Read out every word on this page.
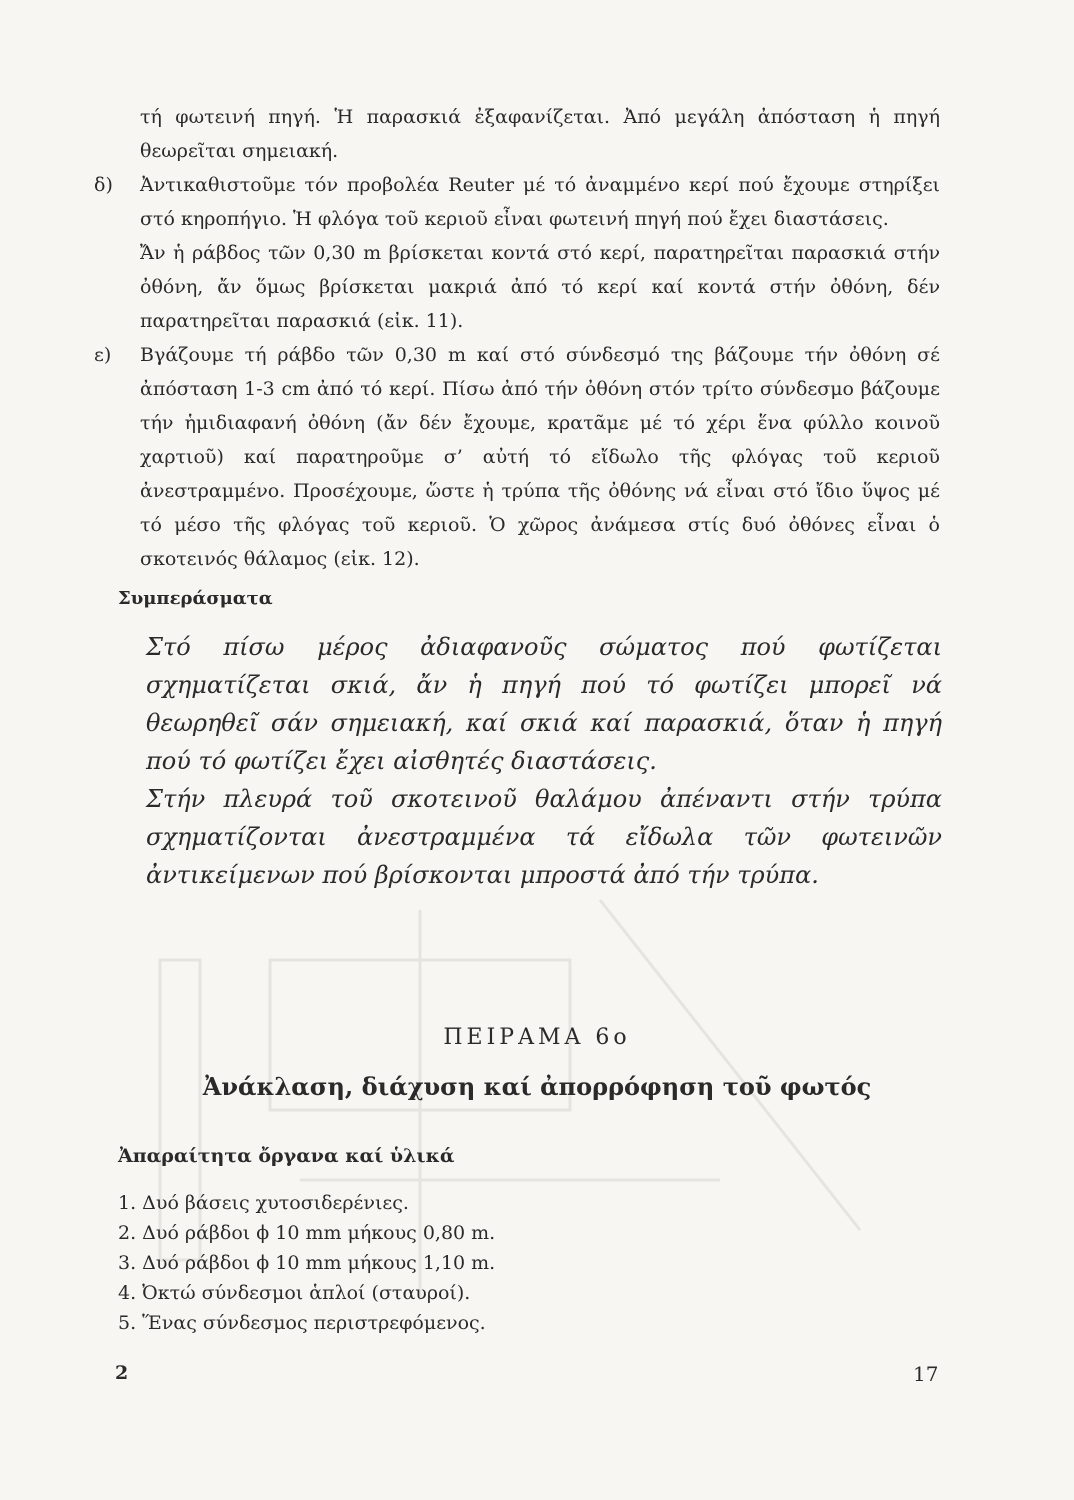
τή φωτεινή πηγή. Ἡ παρασκιά ἐξαφανίζεται. Ἀπό μεγάλη ἀπόσταση ἡ πηγή θεωρεῖται σημειακή.
δ) Ἀντικαθιστοῦμε τόν προβολέα Reuter μέ τό ἀναμμένο κερί πού ἔχουμε στηρίξει στό κηροπήγιο. Ἡ φλόγα τοῦ κεριοῦ εἶναι φωτεινή πηγή πού ἔχει διαστάσεις.
Ἄν ἡ ράβδος τῶν 0,30 m βρίσκεται κοντά στό κερί, παρατηρεῖται παρασκιά στήν ὀθόνη, ἄν ὅμως βρίσκεται μακριά ἀπό τό κερί καί κοντά στήν ὀθόνη, δέν παρατηρεῖται παρασκιά (εἰκ. 11).
ε) Βγάζουμε τή ράβδο τῶν 0,30 m καί στό σύνδεσμό της βάζουμε τήν ὀθόνη σέ ἀπόσταση 1-3 cm ἀπό τό κερί. Πίσω ἀπό τήν ὀθόνη στόν τρίτο σύνδεσμο βάζουμε τήν ἡμιδιαφανή ὀθόνη (ἄν δέν ἔχουμε, κρατᾶμε μέ τό χέρι ἕνα φύλλο κοινοῦ χαρτιοῦ) καί παρατηροῦμε σ’ αὐτή τό εἴδωλο τῆς φλόγας τοῦ κεριοῦ ἀνεστραμμένο. Προσέχουμε, ὥστε ἡ τρύπα τῆς ὀθόνης νά εἶναι στό ἴδιο ὕψος μέ τό μέσο τῆς φλόγας τοῦ κεριοῦ. Ὁ χῶρος ἀνάμεσα στίς δυό ὀθόνες εἶναι ὁ σκοτεινός θάλαμος (εἰκ. 12).
Συμπεράσματα

Στό πίσω μέρος ἀδιαφανοῦς σώματος πού φωτίζεται σχηματίζεται σκιά, ἄν ἡ πηγή πού τό φωτίζει μπορεῖ νά θεωρηθεῖ σάν σημειακή, καί σκιά καί παρασκιά, ὅταν ἡ πηγή πού τό φωτίζει ἔχει αἰσθητές διαστάσεις.

Στήν πλευρά τοῦ σκοτεινοῦ θαλάμου ἀπέναντι στήν τρύπα σχηματίζονται ἀνεστραμμένα τά εἴδωλα τῶν φωτεινῶν ἀντικείμενων πού βρίσκονται μπροστά ἀπό τήν τρύπα.

ΠΕΙΡΑΜΑ 6ο
Ἀνάκλαση, διάχυση καί ἀπορρόφηση τοῦ φωτός
Ἀπαραίτητα ὄργανα καί ὑλικά
1. Δυό βάσεις χυτοσιδερένιες.
2. Δυό ράβδοι ϕ 10 mm μήκους 0,80 m.
3. Δυό ράβδοι ϕ 10 mm μήκους 1,10 m.
4. Ὀκτώ σύνδεσμοι ἁπλοί (σταυροί).
5. Ἕνας σύνδεσμος περιστρεφόμενος.
2	17
